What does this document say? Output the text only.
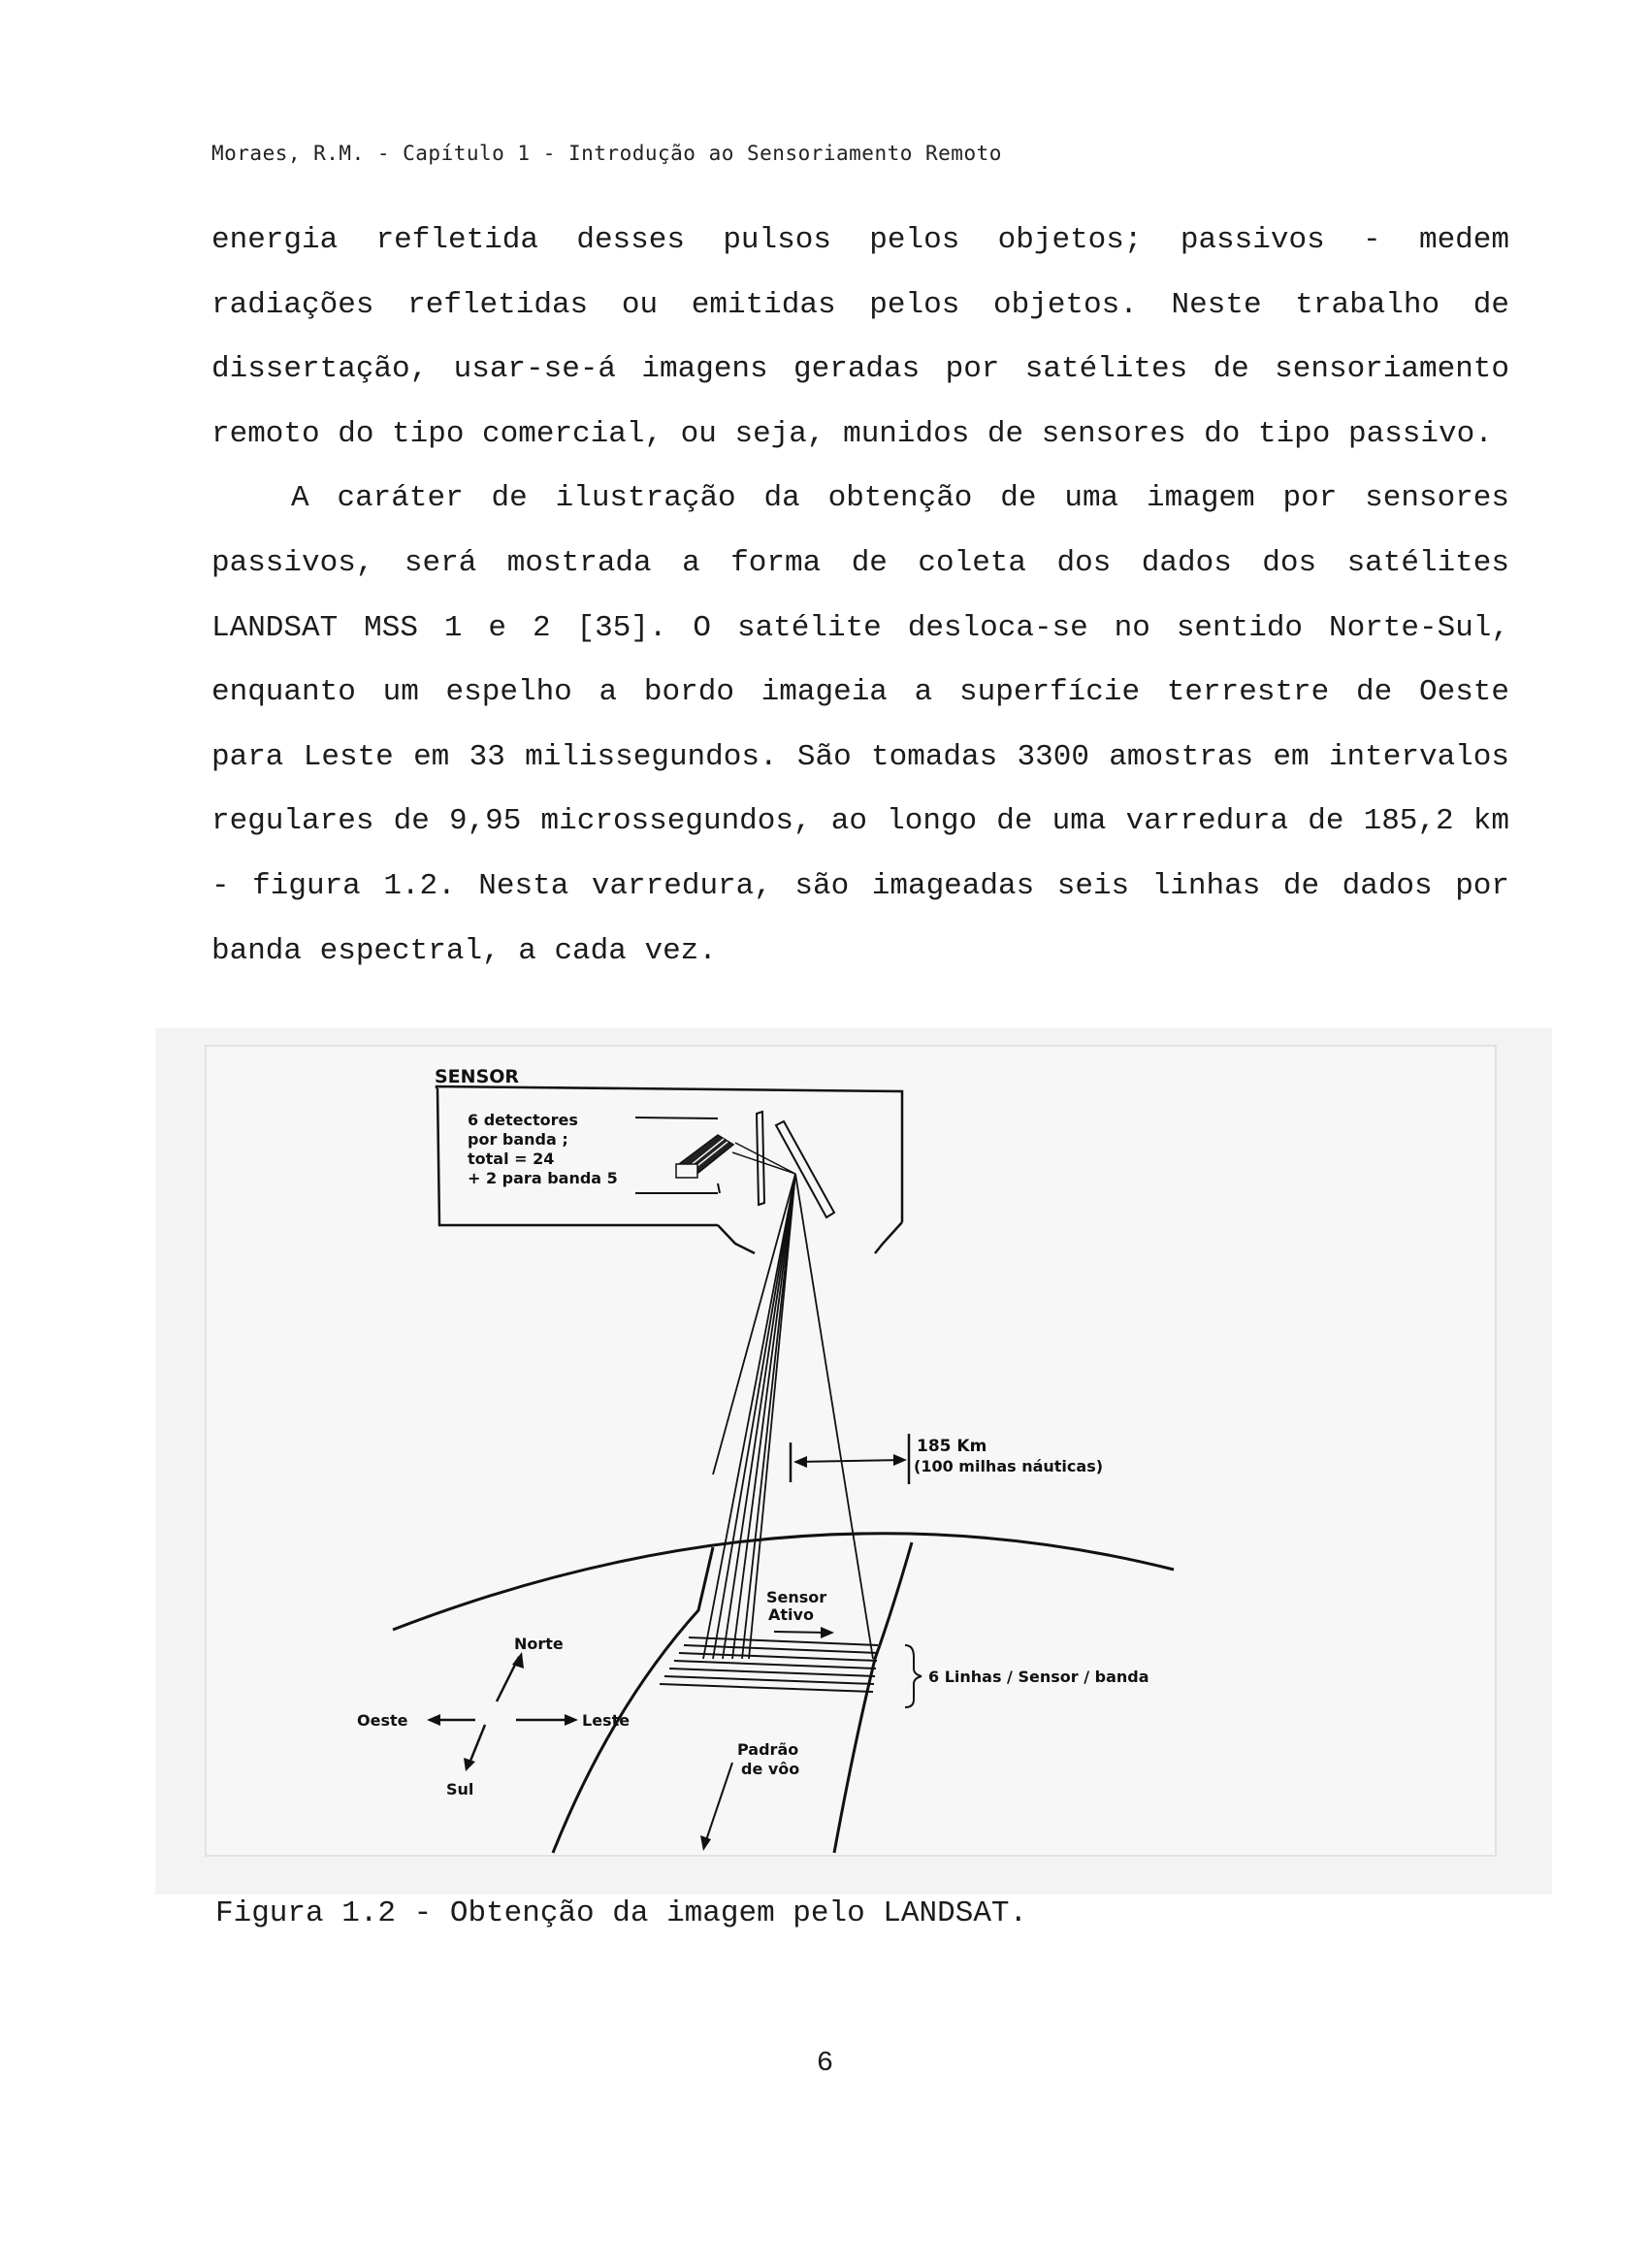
Moraes, R.M. - Capítulo 1 - Introdução ao Sensoriamento Remoto

energia refletida desses pulsos pelos objetos; passivos - medem radiações refletidas ou emitidas pelos objetos. Neste trabalho de dissertação, usar-se-á imagens geradas por satélites de sensoriamento remoto do tipo comercial, ou seja, munidos de sensores do tipo passivo.

A caráter de ilustração da obtenção de uma imagem por sensores passivos, será mostrada a forma de coleta dos dados dos satélites LANDSAT MSS 1 e 2 [35]. O satélite desloca-se no sentido Norte-Sul, enquanto um espelho a bordo imageia a superfície terrestre de Oeste para Leste em 33 milissegundos. São tomadas 3300 amostras em intervalos regulares de 9,95 microssegundos, ao longo de uma varredura de 185,2 km - figura 1.2. Nesta varredura, são imageadas seis linhas de dados por banda espectral, a cada vez.

SENSOR
6 detectores
por banda ;
total = 24
+ 2 para banda 5
185 Km
(100 milhas náuticas)
Sensor
Ativo
6 Linhas / Sensor / banda
Norte
Sul
Oeste	Leste
Padrão
de vôo
Figura 1.2 - Obtenção da imagem pelo LANDSAT.
6
